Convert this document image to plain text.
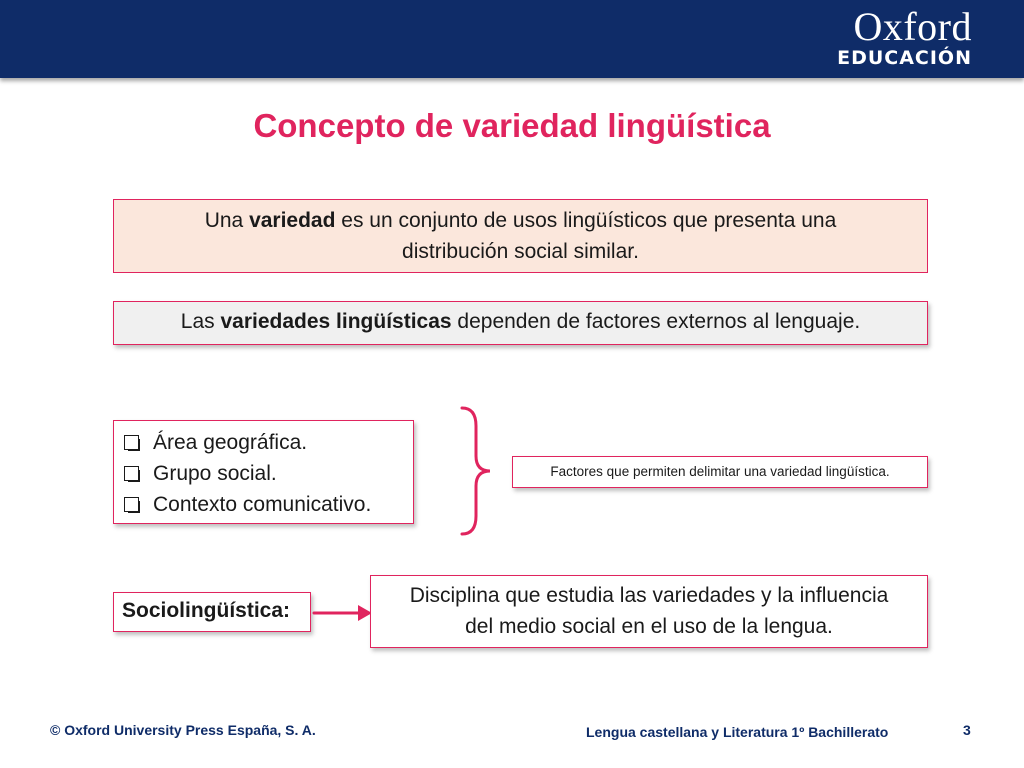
Oxford
EDUCACIÓN
Concepto de variedad lingüística
Una variedad es un conjunto de usos lingüísticos que presenta una
distribución social similar.
Las variedades lingüísticas dependen de factores externos al lenguaje.
Área geográfica.
Grupo social.
Contexto comunicativo.
Factores que permiten delimitar una variedad lingüística.
Sociolingüística:
Disciplina que estudia las variedades y la influencia
del medio social en el uso de la lengua.
© Oxford University Press España, S. A.	Lengua castellana y Literatura 1º Bachillerato	3
